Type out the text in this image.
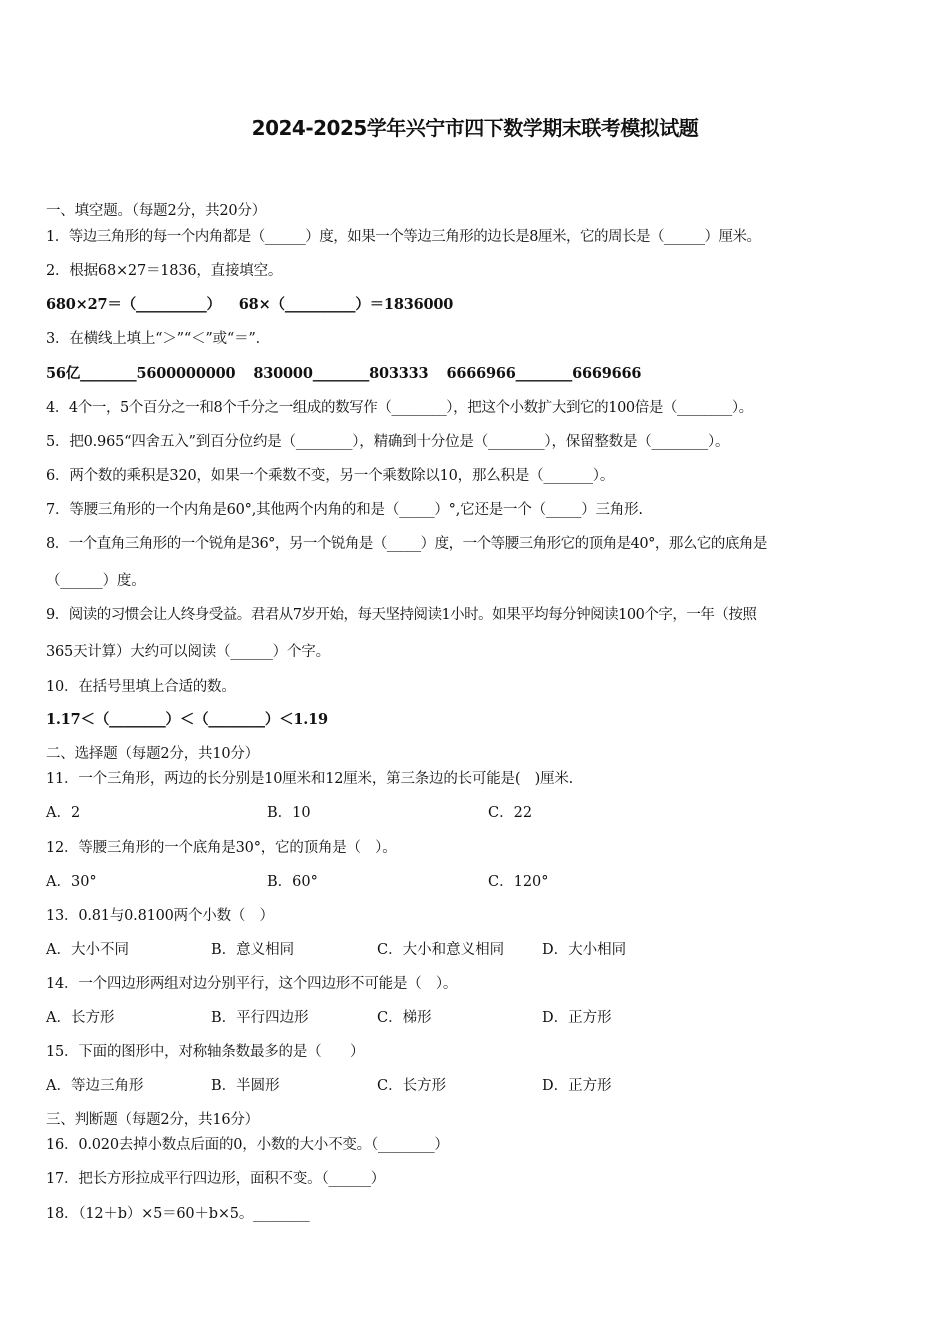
2024-2025学年兴宁市四下数学期末联考模拟试题
一、填空题。（每题2分，共20分）
1．等边三角形的每一个内角都是（______）度，如果一个等边三角形的边长是8厘米，它的周长是（______）厘米。
2．根据68×27＝1836，直接填空。
680×27＝（__________） 68×（__________）＝1836000
3．在横线上填上“＞”“＜”或“＝”．
56亿________5600000000 830000________803333 6666966________6669666
4．4个一，5个百分之一和8个千分之一组成的数写作（________），把这个小数扩大到它的100倍是（________）。
5．把0.965“四舍五入”到百分位约是（________），精确到十分位是（________），保留整数是（________）。
6．两个数的乘积是320，如果一个乘数不变，另一个乘数除以10，那么积是（_______）。
7．等腰三角形的一个内角是60°,其他两个内角的和是（_____）°,它还是一个（_____）三角形.
8．一个直角三角形的一个锐角是36°，另一个锐角是（_____）度，一个等腰三角形它的顶角是40°，那么它的底角是
（______）度。
9．阅读的习惯会让人终身受益。君君从7岁开始，每天坚持阅读1小时。如果平均每分钟阅读100个字，一年（按照
365天计算）大约可以阅读（______）个字。
10．在括号里填上合适的数。
1.17＜（________）＜（________）＜1.19
二、选择题（每题2分，共10分）
11．一个三角形，两边的长分别是10厘米和12厘米，第三条边的长可能是(　)厘米.
A．2	B．10	C．22
12．等腰三角形的一个底角是30°，它的顶角是（　）。
A．30°	B．60°	C．120°
13．0.81与0.8100两个小数（　）
A．大小不同	B．意义相同	C．大小和意义相同	D．大小相同
14．一个四边形两组对边分别平行，这个四边形不可能是（　）。
A．长方形	B．平行四边形	C．梯形	D．正方形
15．下面的图形中，对称轴条数最多的是（　　）
A．等边三角形	B．半圆形	C．长方形	D．正方形
三、判断题（每题2分，共16分）
16．0.020去掉小数点后面的0，小数的大小不变。（________）
17．把长方形拉成平行四边形，面积不变。（______）
18．（12＋b）×5＝60＋b×5。________
